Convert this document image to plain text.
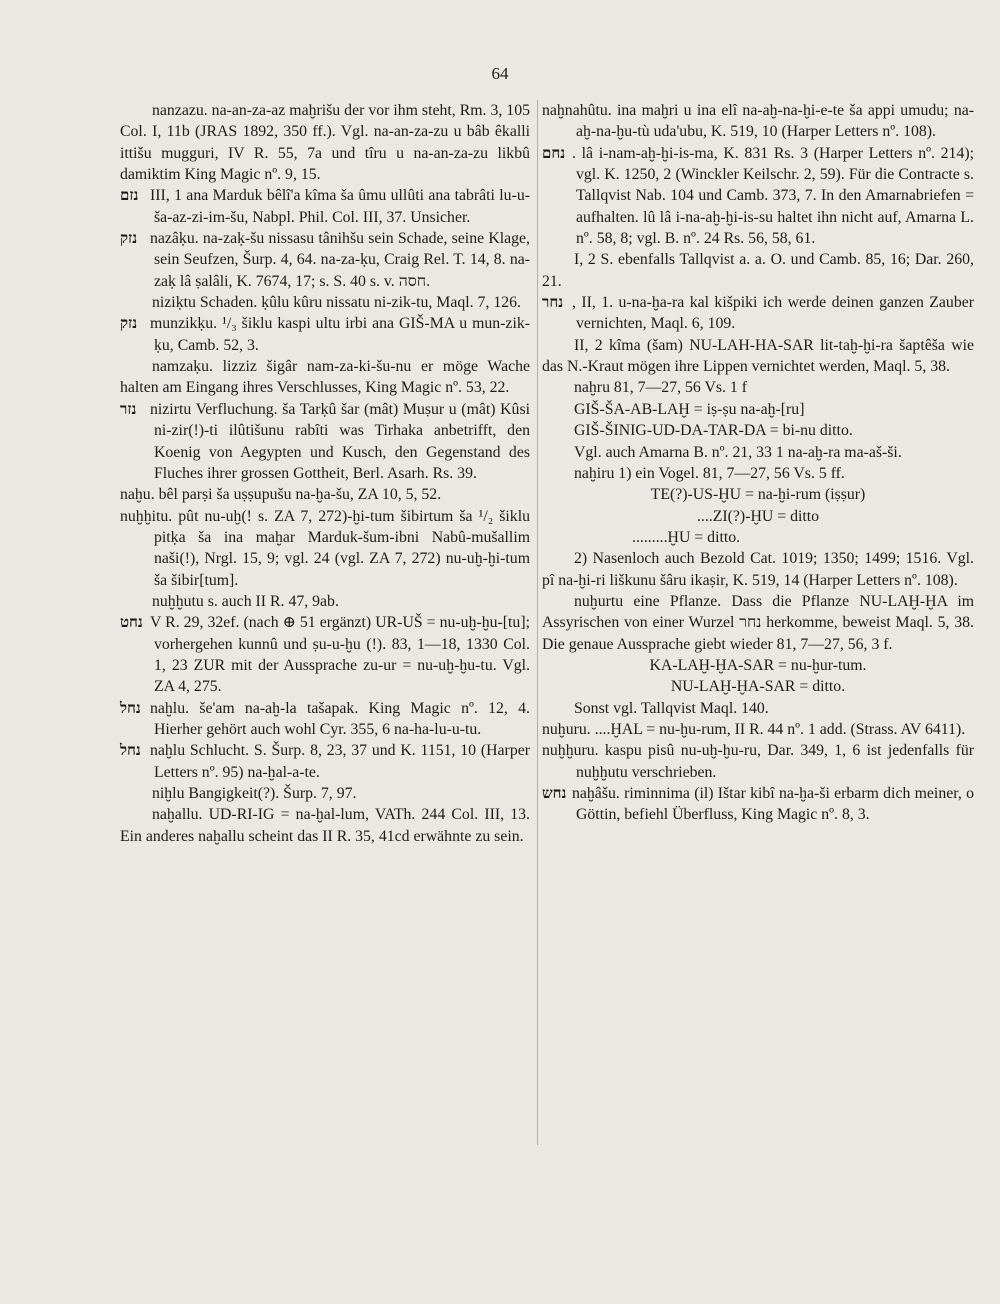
64

nanzazu. na-an-za-az maḫrišu der vor ihm steht, Rm. 3, 105 Col. I, 11b (JRAS 1892, 350 ff.). Vgl. na-an-za-zu u bâb êkalli ittišu mugguri, IV R. 55, 7a und tîru u na-an-za-zu likbû damiktim King Magic nº. 9, 15.

נזם III, 1 ana Marduk bêlî'a kîma ša ûmu ullûti ana tabrâti lu-u-ša-az-zi-im-šu, Nabpl. Phil. Col. III, 37. Unsicher.

נזק nazâḳu. na-zaḳ-šu nissasu tânihšu sein Schade, seine Klage, sein Seufzen, Šurp. 4, 64. na-za-ḳu, Craig Rel. T. 14, 8. na-zaḳ lâ ṣalâli, K. 7674, 17; s. S. 40 s. v. חסה.

niziḳtu Schaden. ḳûlu kûru nissatu ni-zik-tu, Maql. 7, 126.

נזק munzikḳu. ¹/₃ šiklu kaspi ultu irbi ana GIŠ-MA u mun-zik-ḳu, Camb. 52, 3.

namzaḳu. lizziz šigâr nam-za-ki-šu-nu er möge Wache halten am Eingang ihres Verschlusses, King Magic nº. 53, 22.

נזר nizirtu Verfluchung. ša Tarḳû šar (mât) Muṣur u (mât) Kûsi ni-zir(!)-ti ilûtišunu rabîti was Tirhaka anbetrifft, den Koenig von Aegypten und Kusch, den Gegenstand des Fluches ihrer grossen Gottheit, Berl. Asarh. Rs. 39.

naḫu. bêl parṣi ša uṣṣupušu na-ḫa-šu, ZA 10, 5, 52.

nuḫḫitu. pût nu-uḫ(! s. ZA 7, 272)-ḫi-tum šibirtum ša ¹/₂ šiklu pitḳa ša ina maḫar Marduk-šum-ibni Nabû-mušallim naši(!), Nrgl. 15, 9; vgl. 24 (vgl. ZA 7, 272) nu-uḫ-ḫi-tum ša šibir[tum].

nuḫḫutu s. auch II R. 47, 9ab.

נחט V R. 29, 32ef. (nach ⊕ 51 ergänzt) UR-UŠ = nu-uḫ-ḫu-[tu]; vorhergehen kunnû und ṣu-u-ḫu (!). 83, 1—18, 1330 Col. 1, 23 ZUR mit der Aussprache zu-ur = nu-uḫ-ḫu-tu. Vgl. ZA 4, 275.

נחל naḫlu. še'am na-aḫ-la tašapak. King Magic nº. 12, 4. Hierher gehört auch wohl Cyr. 355, 6 na-ha-lu-u-tu.

נחל naḫlu Schlucht. S. Šurp. 8, 23, 37 und K. 1151, 10 (Harper Letters nº. 95) na-ḫal-a-te.

niḫlu Bangigkeit(?). Šurp. 7, 97.

naḫallu. UD-RI-IG = na-ḫal-lum, VATh. 244 Col. III, 13. Ein anderes naḫallu scheint das II R. 35, 41cd erwähnte zu sein.

naḫnahûtu. ina maḫri u ina elî na-aḫ-na-ḫi-e-te ša appi umudu; na-aḫ-na-ḫu-tù uda'ubu, K. 519, 10 (Harper Letters nº. 108).

נחם . lâ i-nam-aḫ-ḫi-is-ma, K. 831 Rs. 3 (Harper Letters nº. 214); vgl. K. 1250, 2 (Winckler Keilschr. 2, 59). Für die Contracte s. Tallqvist Nab. 104 und Camb. 373, 7. In den Amarnabriefen = aufhalten. lû lâ i-na-aḫ-ḫi-is-su haltet ihn nicht auf, Amarna L. nº. 58, 8; vgl. B. nº. 24 Rs. 56, 58, 61.

I, 2 S. ebenfalls Tallqvist a. a. O. und Camb. 85, 16; Dar. 260, 21.

נחר , II, 1. u-na-ḫa-ra kal kišpiki ich werde deinen ganzen Zauber vernichten, Maql. 6, 109.

II, 2 kîma (šam) NU-LAH-HA-SAR lit-taḫ-ḫi-ra šaptêša wie das N.-Kraut mögen ihre Lippen vernichtet werden, Maql. 5, 38.

naḫru 81, 7—27, 56 Vs. 1 f

GIŠ-ŠA-AB-LAḪ = iṣ-ṣu na-aḫ-[ru]

GIŠ-ŠINIG-UD-DA-TAR-DA = bi-nu ditto.

Vgl. auch Amarna B. nº. 21, 33 1 na-aḫ-ra ma-aš-ši.

naḫiru 1) ein Vogel. 81, 7—27, 56 Vs. 5 ff.

TE(?)-US-ḪU = na-ḫi-rum (iṣṣur)

....ZI(?)-ḪU = ditto

.........ḪU = ditto.

2) Nasenloch auch Bezold Cat. 1019; 1350; 1499; 1516. Vgl. pî na-ḫi-ri liškunu šâru ikaṣir, K. 519, 14 (Harper Letters nº. 108).

nuḫurtu eine Pflanze. Dass die Pflanze NU-LAḪ-ḪA im Assyrischen von einer Wurzel נחר herkomme, beweist Maql. 5, 38. Die genaue Aussprache giebt wieder 81, 7—27, 56, 3 f.

KA-LAḪ-ḪA-SAR = nu-ḫur-tum.

NU-LAḪ-ḪA-SAR = ditto.

Sonst vgl. Tallqvist Maql. 140.

nuḫuru. ....ḪAL = nu-ḫu-rum, II R. 44 nº. 1 add. (Strass. AV 6411).

nuḫḫuru. kaspu pisû nu-uḫ-ḫu-ru, Dar. 349, 1, 6 ist jedenfalls für nuḫḫutu verschrieben.

נחש naḫâšu. riminnima (il) Ištar kibî na-ḫa-ši erbarm dich meiner, o Göttin, befiehl Überfluss, King Magic nº. 8, 3.
